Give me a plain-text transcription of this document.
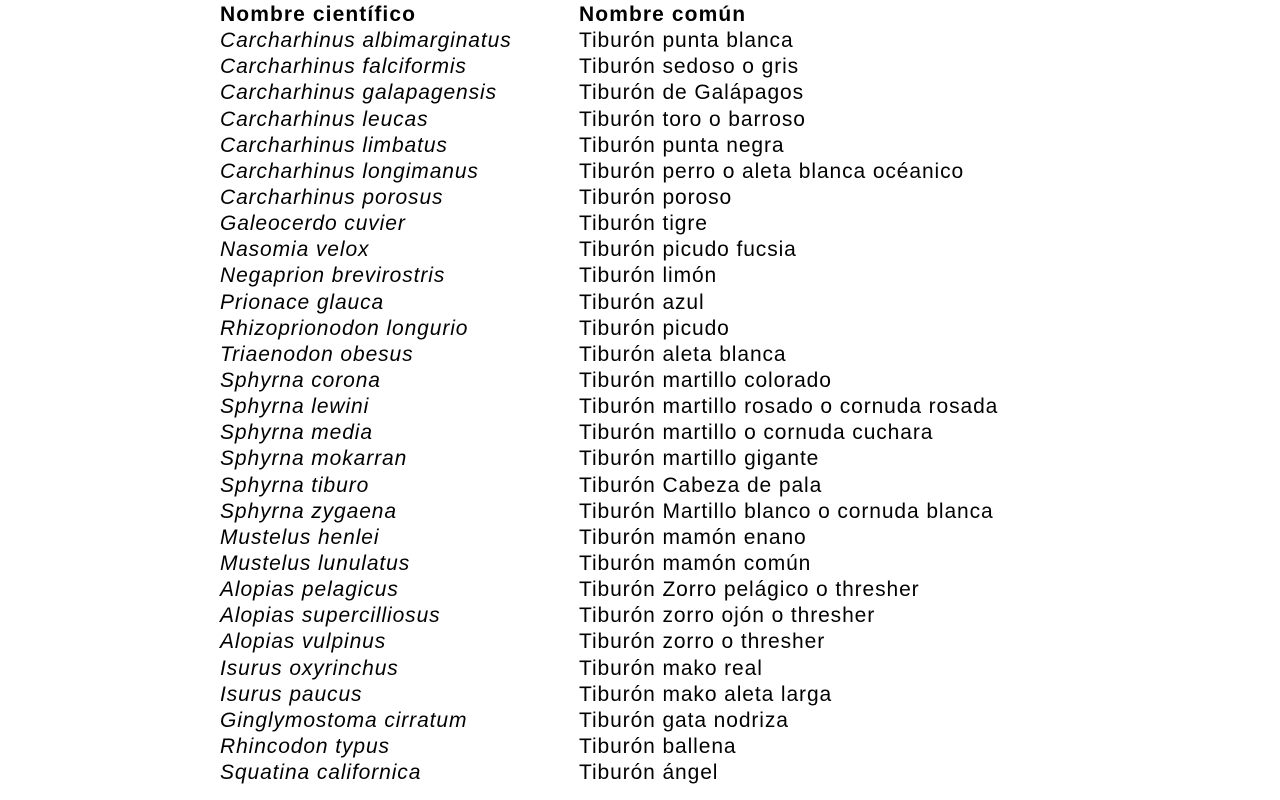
Nombre científico	Nombre común
Carcharhinus albimarginatus	Tiburón punta blanca
Carcharhinus falciformis	Tiburón sedoso o gris
Carcharhinus galapagensis	Tiburón de Galápagos
Carcharhinus leucas	Tiburón toro o barroso
Carcharhinus limbatus	Tiburón punta negra
Carcharhinus longimanus	Tiburón perro o aleta blanca océanico
Carcharhinus porosus	Tiburón poroso
Galeocerdo cuvier	Tiburón tigre
Nasomia velox	Tiburón picudo fucsia
Negaprion brevirostris	Tiburón limón
Prionace glauca	Tiburón azul
Rhizoprionodon longurio	Tiburón picudo
Triaenodon obesus	Tiburón aleta blanca
Sphyrna corona	Tiburón martillo colorado
Sphyrna lewini	Tiburón martillo rosado o cornuda rosada
Sphyrna media	Tiburón martillo o cornuda cuchara
Sphyrna mokarran	Tiburón martillo gigante
Sphyrna tiburo	Tiburón Cabeza de pala
Sphyrna zygaena	Tiburón Martillo blanco o cornuda blanca
Mustelus henlei	Tiburón mamón enano
Mustelus lunulatus	Tiburón mamón común
Alopias pelagicus	Tiburón Zorro pelágico o thresher
Alopias supercilliosus	Tiburón zorro ojón o thresher
Alopias vulpinus	Tiburón zorro o thresher
Isurus oxyrinchus	Tiburón mako real
Isurus paucus	Tiburón mako aleta larga
Ginglymostoma cirratum	Tiburón gata nodriza
Rhincodon typus	Tiburón ballena
Squatina californica	Tiburón ángel
